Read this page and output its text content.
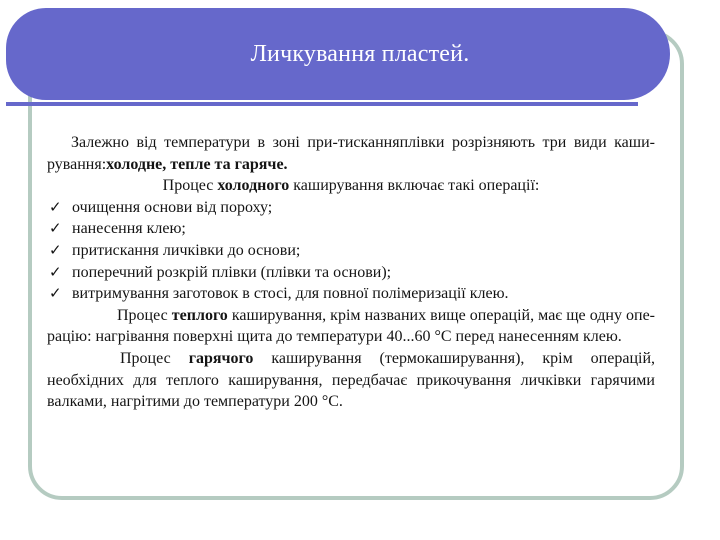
Личкування пластей.

Залежно від температури в зоні при-тисканняплівки розрізняють три види каши-рування:холодне, тепле та гаряче.

Процес холодного каширування включає такі операції:

✓ очищення основи від пороху;
✓ нанесення клею;
✓ притискання личківки до основи;
✓ поперечний розкрій плівки (плівки та основи);
✓ витримування заготовок в стосі, для повної полімеризації клею.

Процес теплого каширування, крім названих вище операцій, має ще одну опе-рацію: нагрівання поверхні щита до температури 40...60 °С перед нанесенням клею.

Процес гарячого каширування (термокаширування), крім операцій, необхідних для теплого каширування, передбачає прикочування личківки гарячими валками, нагрітими до температури 200 °С.
